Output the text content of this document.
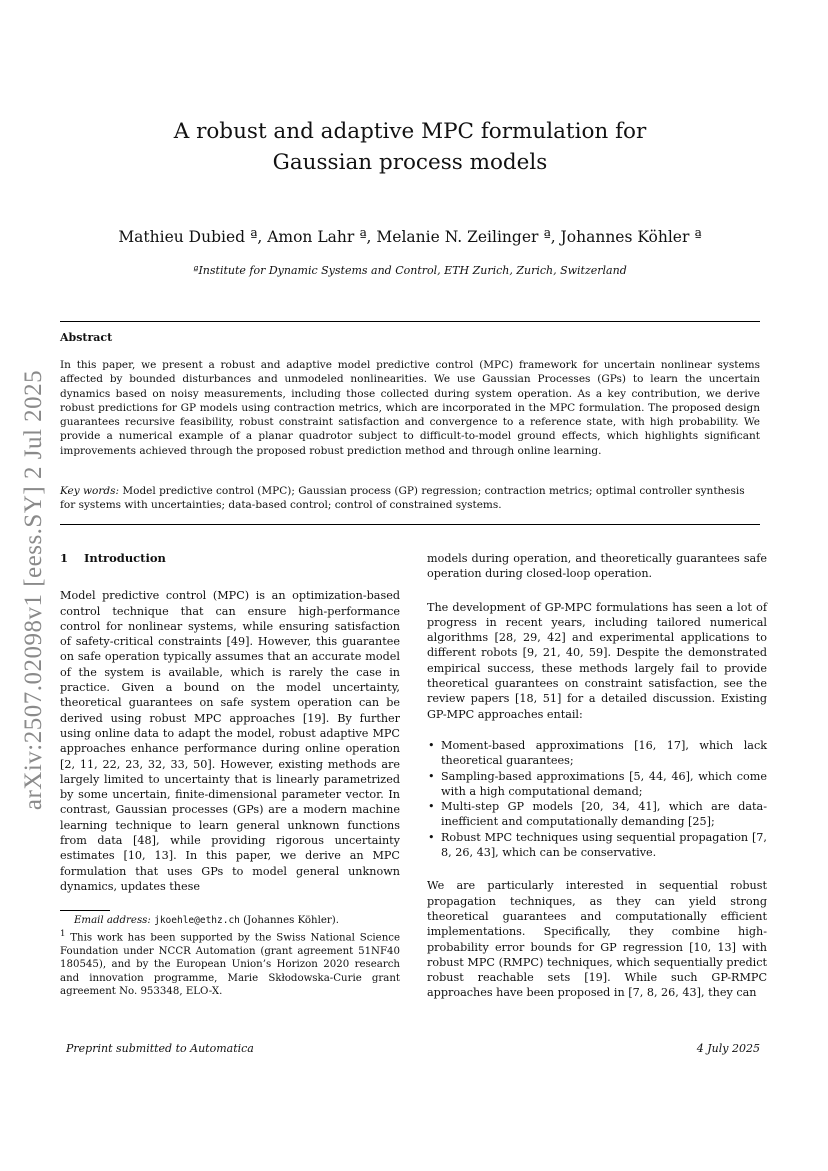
arXiv:2507.02098v1 [eess.SY] 2 Jul 2025
A robust and adaptive MPC formulation for
Gaussian process models
Mathieu Dubied ª, Amon Lahr ª, Melanie N. Zeilinger ª, Johannes Köhler ª
ªInstitute for Dynamic Systems and Control, ETH Zurich, Zurich, Switzerland
Abstract
In this paper, we present a robust and adaptive model predictive control (MPC) framework for uncertain nonlinear systems affected by bounded disturbances and unmodeled nonlinearities. We use Gaussian Processes (GPs) to learn the uncertain dynamics based on noisy measurements, including those collected during system operation. As a key contribution, we derive robust predictions for GP models using contraction metrics, which are incorporated in the MPC formulation. The proposed design guarantees recursive feasibility, robust constraint satisfaction and convergence to a reference state, with high probability. We provide a numerical example of a planar quadrotor subject to difficult-to-model ground effects, which highlights significant improvements achieved through the proposed robust prediction method and through online learning.
Key words: Model predictive control (MPC); Gaussian process (GP) regression; contraction metrics; optimal controller synthesis for systems with uncertainties; data-based control; control of constrained systems.
1 Introduction

Model predictive control (MPC) is an optimization-based control technique that can ensure high-performance control for nonlinear systems, while ensuring satisfaction of safety-critical constraints [49]. However, this guarantee on safe operation typically assumes that an accurate model of the system is available, which is rarely the case in practice. Given a bound on the model uncertainty, theoretical guarantees on safe system operation can be derived using robust MPC approaches [19]. By further using online data to adapt the model, robust adaptive MPC approaches enhance performance during online operation [2, 11, 22, 23, 32, 33, 50]. However, existing methods are largely limited to uncertainty that is linearly parametrized by some uncertain, finite-dimensional parameter vector. In contrast, Gaussian processes (GPs) are a modern machine learning technique to learn general unknown functions from data [48], while providing rigorous uncertainty estimates [10, 13]. In this paper, we derive an MPC formulation that uses GPs to model general unknown dynamics, updates these

Email address: jkoehle@ethz.ch (Johannes Köhler).

$^1$ This work has been supported by the Swiss National Science Foundation under NCCR Automation (grant agreement 51NF40 180545), and by the European Union’s Horizon 2020 research and innovation programme, Marie Skłodowska-Curie grant agreement No. 953348, ELO-X.

models during operation, and theoretically guarantees safe operation during closed-loop operation.

The development of GP-MPC formulations has seen a lot of progress in recent years, including tailored numerical algorithms [28, 29, 42] and experimental applications to different robots [9, 21, 40, 59]. Despite the demonstrated empirical success, these methods largely fail to provide theoretical guarantees on constraint satisfaction, see the review papers [18, 51] for a detailed discussion. Existing GP-MPC approaches entail:

• Moment-based approximations [16, 17], which lack theoretical guarantees;
• Sampling-based approximations [5, 44, 46], which come with a high computational demand;
• Multi-step GP models [20, 34, 41], which are data-inefficient and computationally demanding [25];
• Robust MPC techniques using sequential propagation [7, 8, 26, 43], which can be conservative.

We are particularly interested in sequential robust propagation techniques, as they can yield strong theoretical guarantees and computationally efficient implementations. Specifically, they combine high-probability error bounds for GP regression [10, 13] with robust MPC (RMPC) techniques, which sequentially predict robust reachable sets [19]. While such GP-RMPC approaches have been proposed in [7, 8, 26, 43], they can

Preprint submitted to Automatica	4 July 2025
